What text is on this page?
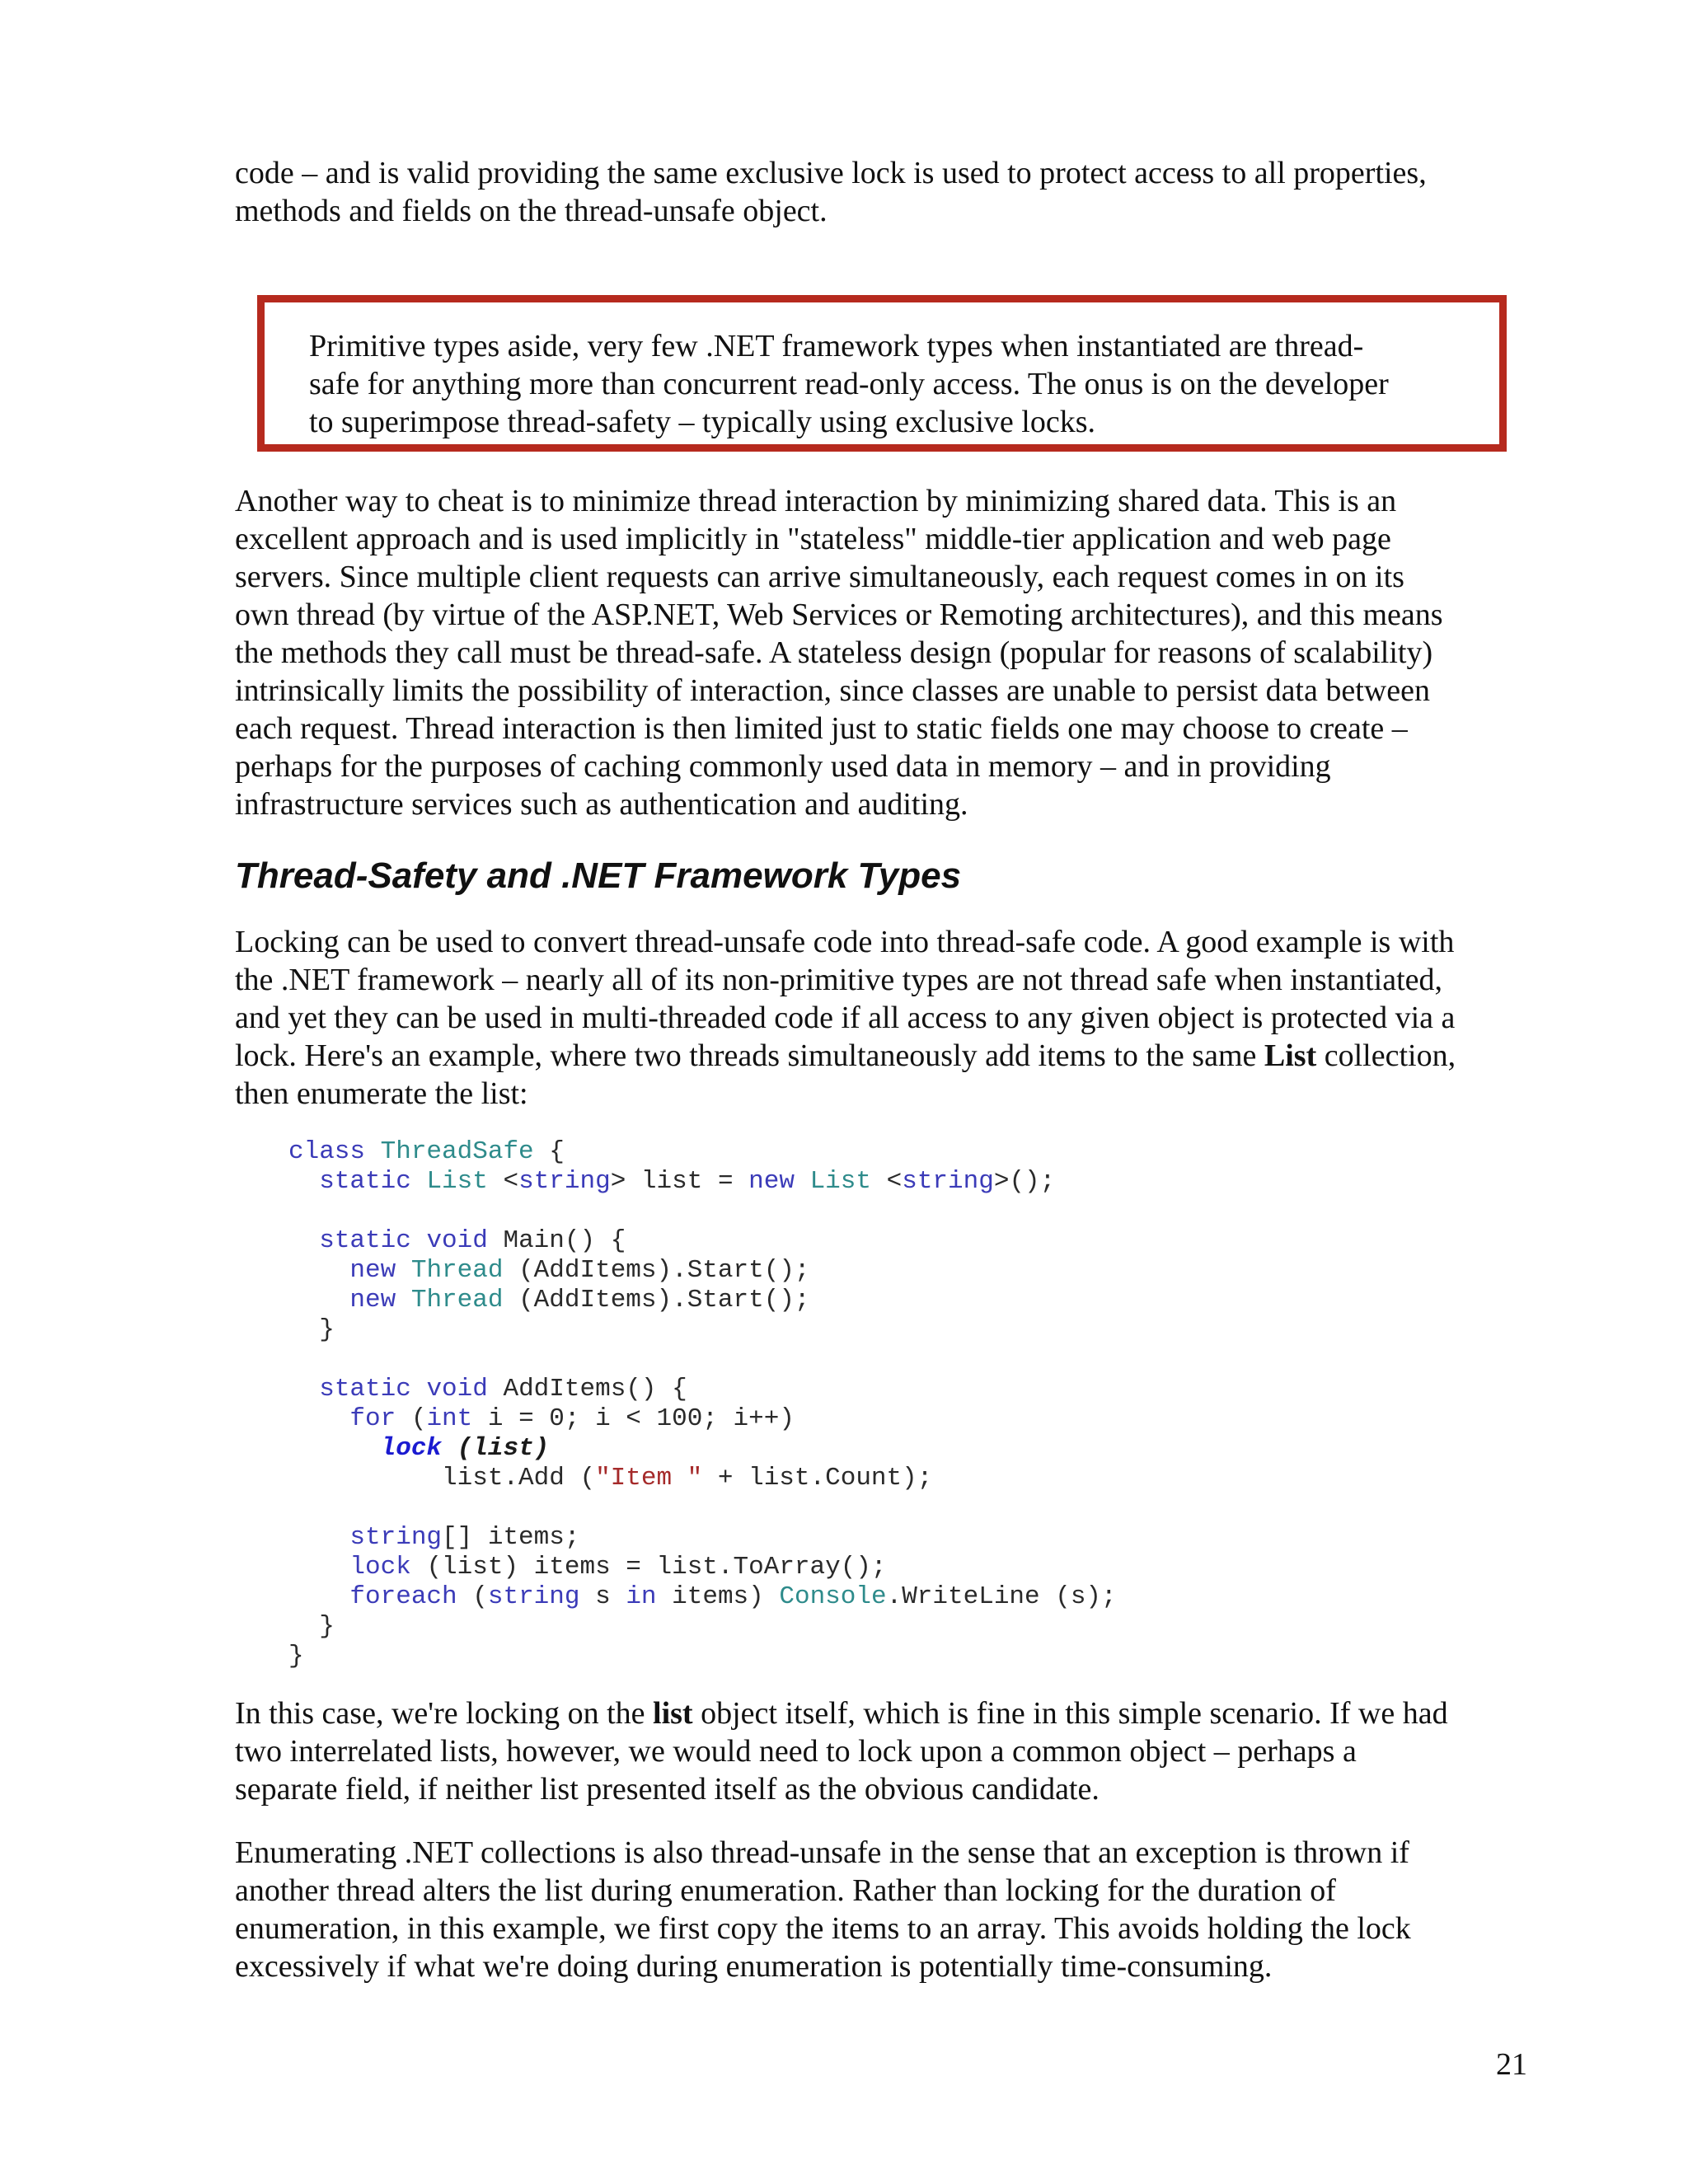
code – and is valid providing the same exclusive lock is used to protect access to all properties,
methods and fields on the thread-unsafe object.
Primitive types aside, very few .NET framework types when instantiated are thread-
safe for anything more than concurrent read-only access. The onus is on the developer
to superimpose thread-safety – typically using exclusive locks.
Another way to cheat is to minimize thread interaction by minimizing shared data. This is an
excellent approach and is used implicitly in "stateless" middle-tier application and web page
servers. Since multiple client requests can arrive simultaneously, each request comes in on its
own thread (by virtue of the ASP.NET, Web Services or Remoting architectures), and this means
the methods they call must be thread-safe. A stateless design (popular for reasons of scalability)
intrinsically limits the possibility of interaction, since classes are unable to persist data between
each request. Thread interaction is then limited just to static fields one may choose to create –
perhaps for the purposes of caching commonly used data in memory – and in providing
infrastructure services such as authentication and auditing.
Thread-Safety and .NET Framework Types
Locking can be used to convert thread-unsafe code into thread-safe code. A good example is with
the .NET framework – nearly all of its non-primitive types are not thread safe when instantiated,
and yet they can be used in multi-threaded code if all access to any given object is protected via a
lock. Here's an example, where two threads simultaneously add items to the same List collection,
then enumerate the list:
class ThreadSafe {
static List <string> list = new List <string>();
static void Main() {
new Thread (AddItems).Start();
new Thread (AddItems).Start();
}
static void AddItems() {
for (int i = 0; i < 100; i++)
lock (list)
list.Add ("Item " + list.Count);
string[] items;
lock (list) items = list.ToArray();
foreach (string s in items) Console.WriteLine (s);
}
}
In this case, we're locking on the list object itself, which is fine in this simple scenario. If we had
two interrelated lists, however, we would need to lock upon a common object – perhaps a
separate field, if neither list presented itself as the obvious candidate.
Enumerating .NET collections is also thread-unsafe in the sense that an exception is thrown if
another thread alters the list during enumeration. Rather than locking for the duration of
enumeration, in this example, we first copy the items to an array. This avoids holding the lock
excessively if what we're doing during enumeration is potentially time-consuming.
21
